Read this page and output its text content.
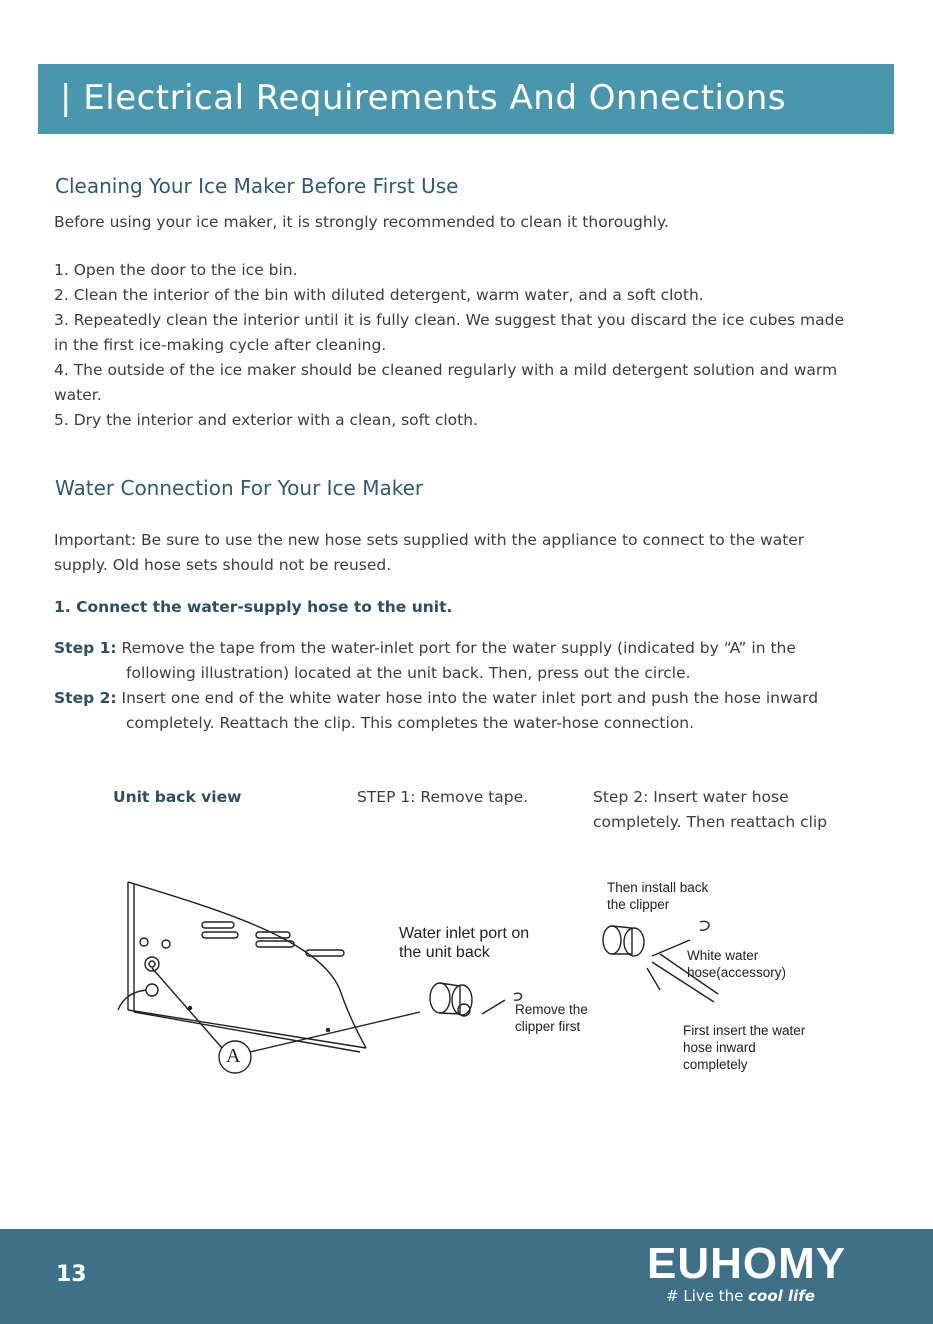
| Electrical Requirements And Onnections
Cleaning Your Ice Maker Before First Use
Before using your ice maker, it is strongly recommended to clean it thoroughly.
1. Open the door to the ice bin.
2. Clean the interior of the bin with diluted detergent, warm water, and a soft cloth.
3. Repeatedly clean the interior until it is fully clean. We suggest that you discard the ice cubes made in the first ice-making cycle after cleaning.
4. The outside of the ice maker should be cleaned regularly with a mild detergent solution and warm water.
5. Dry the interior and exterior with a clean, soft cloth.
Water Connection For Your Ice Maker
Important: Be sure to use the new hose sets supplied with the appliance to connect to the water supply. Old hose sets should not be reused.
1. Connect the water-supply hose to the unit.
Step 1: Remove the tape from the water-inlet port for the water supply (indicated by “A” in the
following illustration) located at the unit back. Then, press out the circle.
Step 2: Insert one end of the white water hose into the water inlet port and push the hose inward
completely. Reattach the clip. This completes the water-hose connection.
Unit back view	STEP 1: Remove tape.	Step 2: Insert water hose
completely. Then reattach clip
A
Water inlet port on
the unit back
Remove the
clipper first
Then install back
the clipper
White water
hose(accessory)
First insert the water
hose inward
completely
13	EUHOMY
# Live the cool life
